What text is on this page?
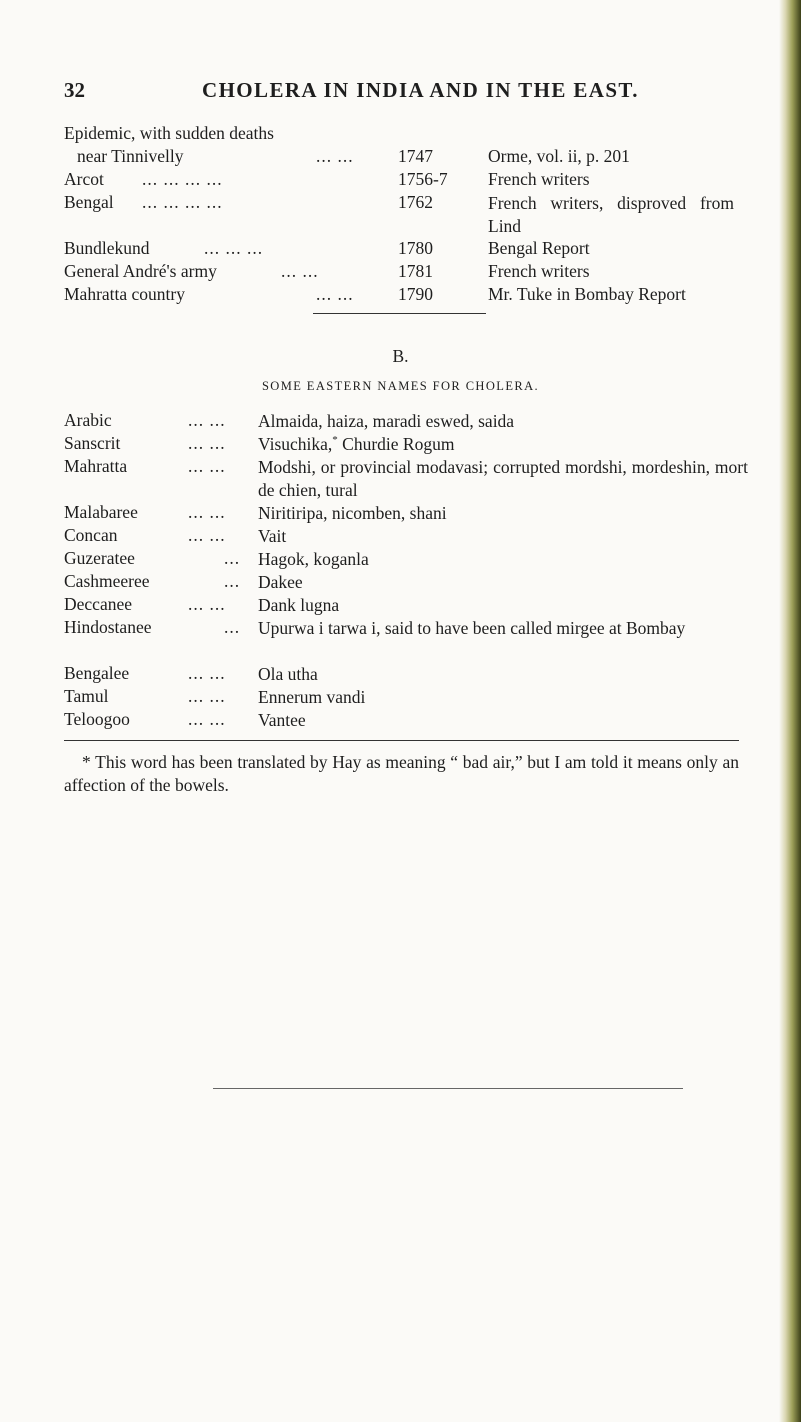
32	CHOLERA IN INDIA AND IN THE EAST.
Epidemic, with sudden deaths
near Tinnivelly	... ...	1747	Orme, vol. ii, p. 201
Arcot ... ... ... ...	1756-7 French writers
Bengal ... ... ... ...	1762	French writers, disproved from Lind
Bundlekund	... ... ...	1780	Bengal Report
General André's army	... ...	1781	French writers
Mahratta country	... ...	1790	Mr. Tuke in Bombay Report
B.
SOME EASTERN NAMES FOR CHOLERA.
Arabic	... ... Almaida, haiza, maradi eswed, saida
Sanscrit	... ... Visuchika,* Churdie Rogum
Mahratta	... ... Modshi, or provincial modavasi; corrupted mordshi, mordeshin, mort de chien, tural
Malabaree	... ... Niritiripa, nicomben, shani
Concan	... ... Vait
Guzeratee	... Hagok, koganla
Cashmeeree	... Dakee
Deccanee	... ... Dank lugna
Hindostanee	... Upurwa i tarwa i, said to have been called mirgee at Bombay
Bengalee	... ... Ola utha
Tamul	... ... Ennerum vandi
Teloogoo	... ... Vantee
* This word has been translated by Hay as meaning “ bad air,” but I am told it means only an affection of the bowels.
